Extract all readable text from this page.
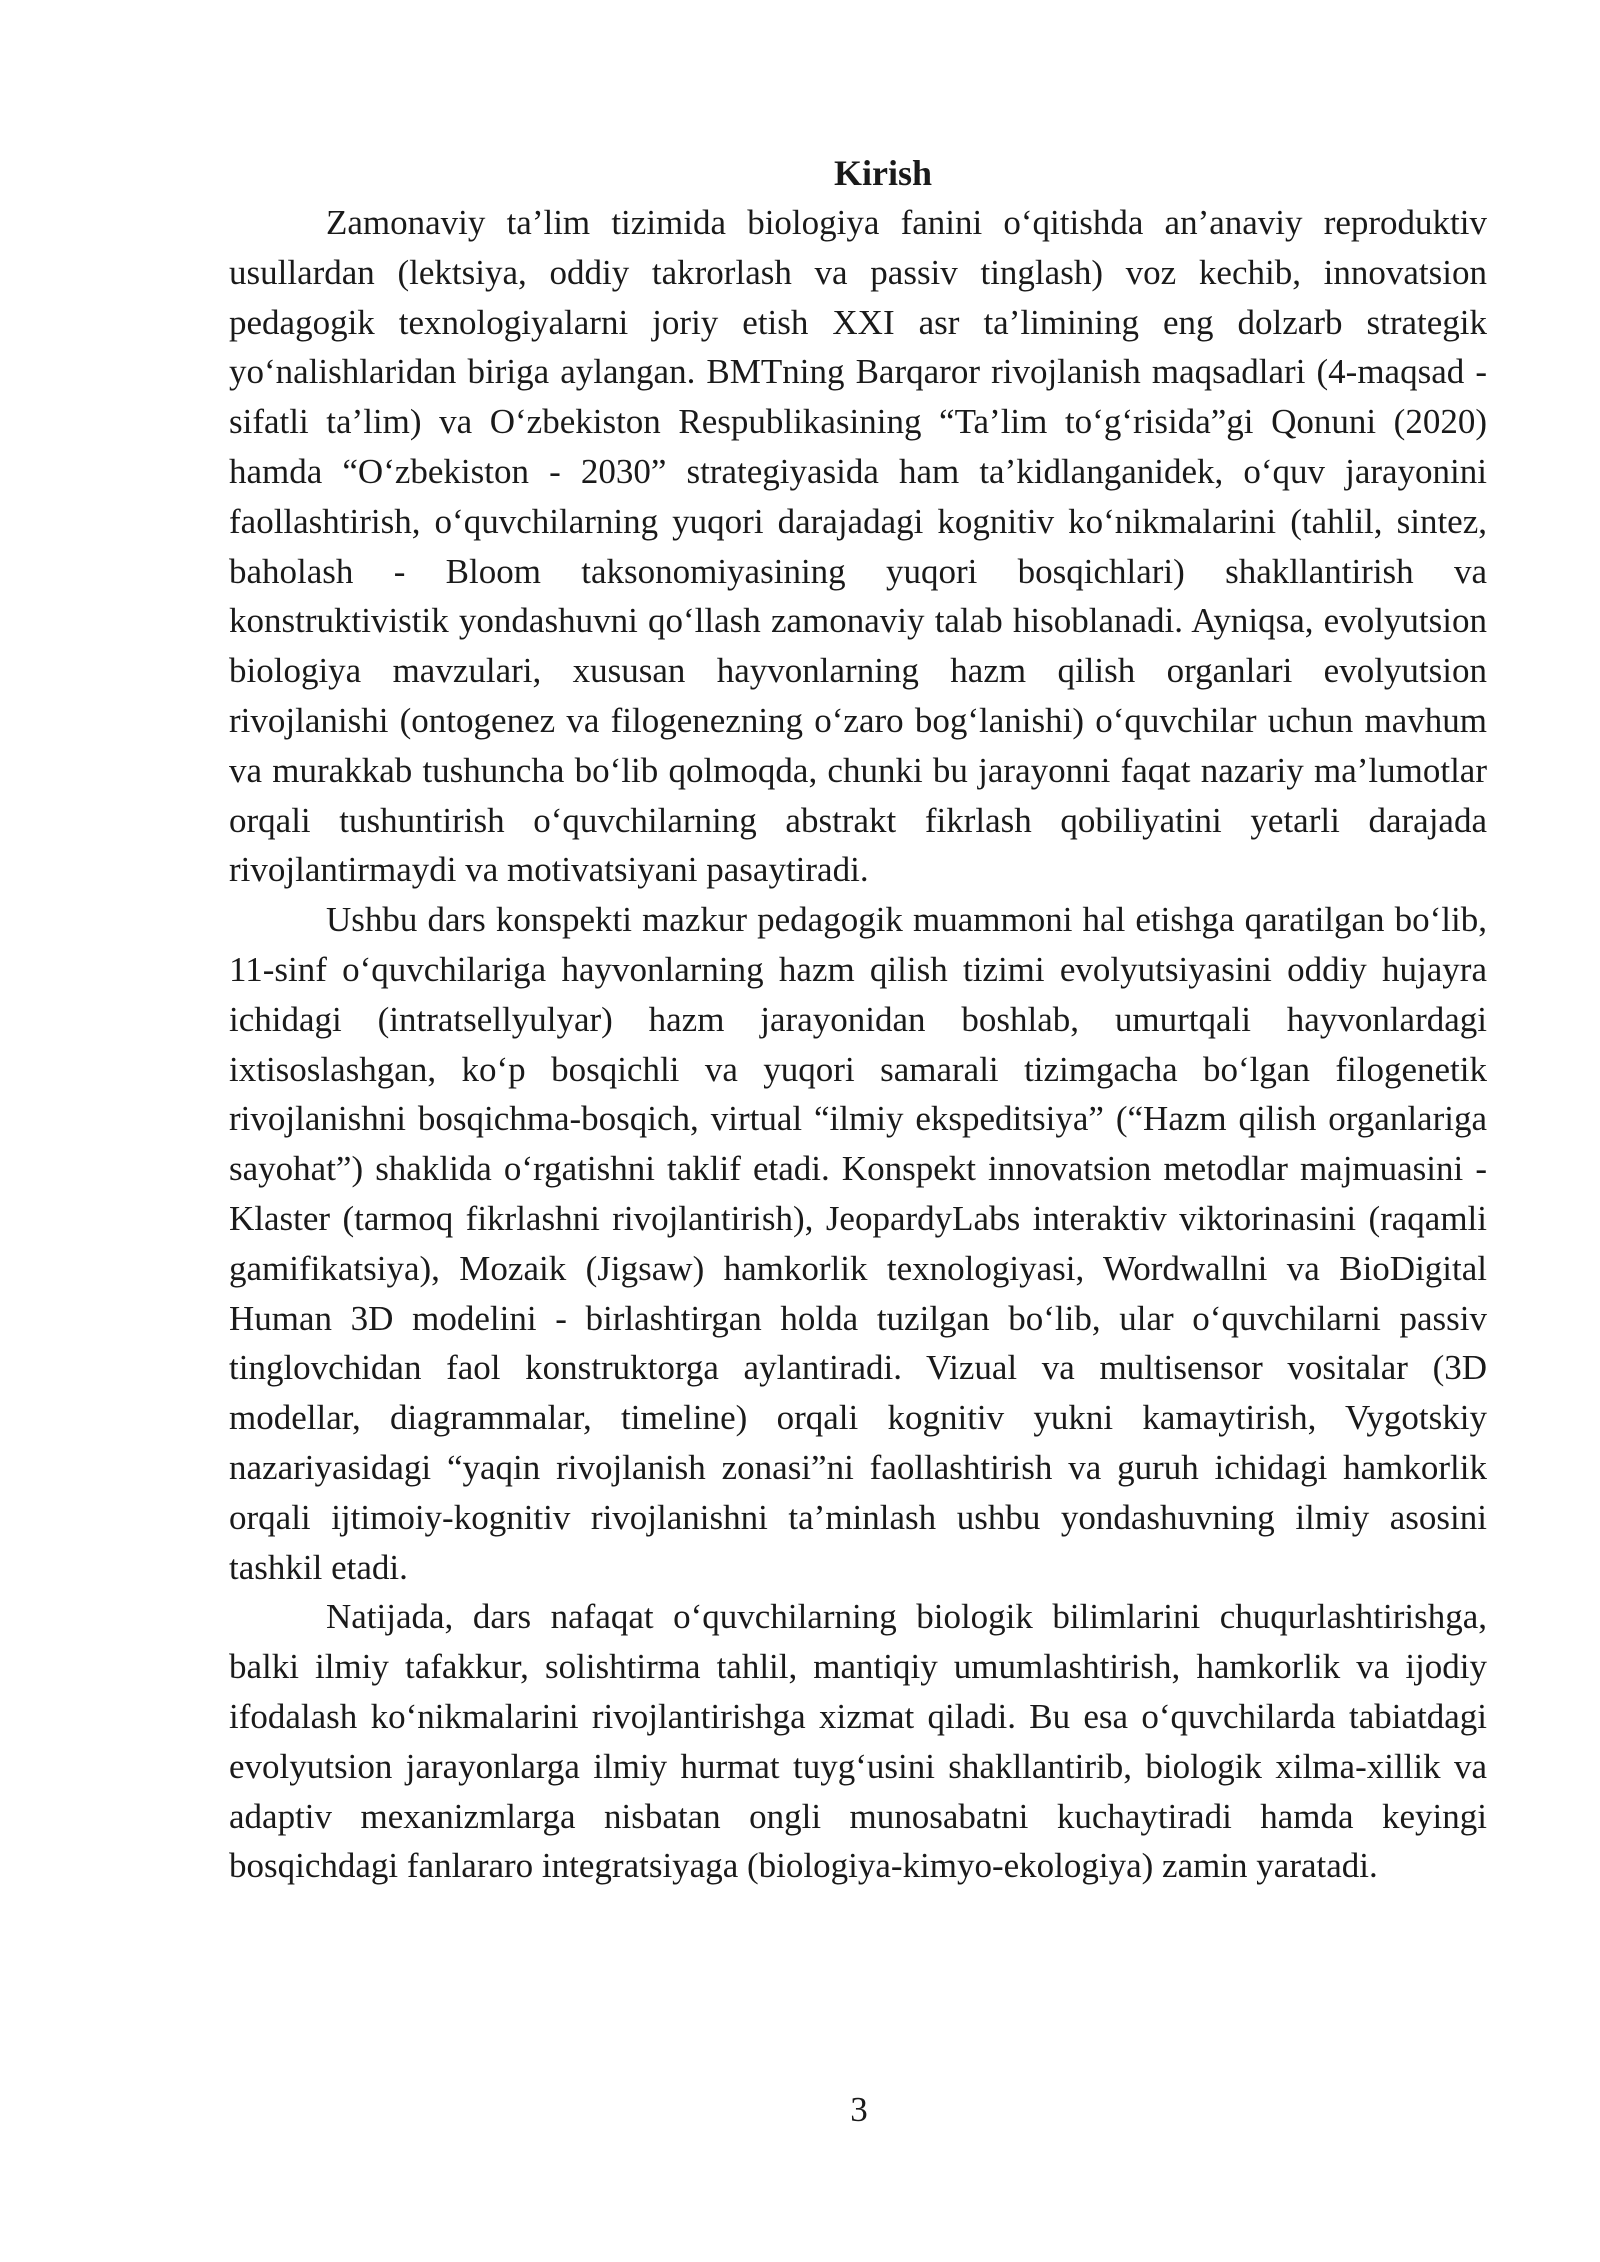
Kirish

Zamonaviy ta’lim tizimida biologiya fanini o‘qitishda an’anaviy reproduktiv usullardan (lektsiya, oddiy takrorlash va passiv tinglash) voz kechib, innovatsion pedagogik texnologiyalarni joriy etish XXI asr ta’limining eng dolzarb strategik yo‘nalishlaridan biriga aylangan. BMTning Barqaror rivojlanish maqsadlari (4-maqsad - sifatli ta’lim) va O‘zbekiston Respublikasining “Ta’lim to‘g‘risida”gi Qonuni (2020) hamda “O‘zbekiston - 2030” strategiyasida ham ta’kidlanganidek, o‘quv jarayonini faollashtirish, o‘quvchilarning yuqori darajadagi kognitiv ko‘nikmalarini (tahlil, sintez, baholash - Bloom taksonomiyasining yuqori bosqichlari) shakllantirish va konstruktivistik yondashuvni qo‘llash zamonaviy talab hisoblanadi. Ayniqsa, evolyutsion biologiya mavzulari, xususan hayvonlarning hazm qilish organlari evolyutsion rivojlanishi (ontogenez va filogenezning o‘zaro bog‘lanishi) o‘quvchilar uchun mavhum va murakkab tushuncha bo‘lib qolmoqda, chunki bu jarayonni faqat nazariy ma’lumotlar orqali tushuntirish o‘quvchilarning abstrakt fikrlash qobiliyatini yetarli darajada rivojlantirmaydi va motivatsiyani pasaytiradi.

Ushbu dars konspekti mazkur pedagogik muammoni hal etishga qaratilgan bo‘lib, 11-sinf o‘quvchilariga hayvonlarning hazm qilish tizimi evolyutsiyasini oddiy hujayra ichidagi (intratsellyulyar) hazm jarayonidan boshlab, umurtqali hayvonlardagi ixtisoslashgan, ko‘p bosqichli va yuqori samarali tizimgacha bo‘lgan filogenetik rivojlanishni bosqichma-bosqich, virtual “ilmiy ekspeditsiya” (“Hazm qilish organlariga sayohat”) shaklida o‘rgatishni taklif etadi. Konspekt innovatsion metodlar majmuasini - Klaster (tarmoq fikrlashni rivojlantirish), JeopardyLabs interaktiv viktorinasini (raqamli gamifikatsiya), Mozaik (Jigsaw) hamkorlik texnologiyasi, Wordwallni va BioDigital Human 3D modelini - birlashtirgan holda tuzilgan bo‘lib, ular o‘quvchilarni passiv tinglovchidan faol konstruktorga aylantiradi. Vizual va multisensor vositalar (3D modellar, diagrammalar, timeline) orqali kognitiv yukni kamaytirish, Vygotskiy nazariyasidagi “yaqin rivojlanish zonasi”ni faollashtirish va guruh ichidagi hamkorlik orqali ijtimoiy-kognitiv rivojlanishni ta’minlash ushbu yondashuvning ilmiy asosini tashkil etadi.

Natijada, dars nafaqat o‘quvchilarning biologik bilimlarini chuqurlashtirishga, balki ilmiy tafakkur, solishtirma tahlil, mantiqiy umumlashtirish, hamkorlik va ijodiy ifodalash ko‘nikmalarini rivojlantirishga xizmat qiladi. Bu esa o‘quvchilarda tabiatdagi evolyutsion jarayonlarga ilmiy hurmat tuyg‘usini shakllantirib, biologik xilma-xillik va adaptiv mexanizmlarga nisbatan ongli munosabatni kuchaytiradi hamda keyingi bosqichdagi fanlararo integratsiyaga (biologiya-kimyo-ekologiya) zamin yaratadi.

3
